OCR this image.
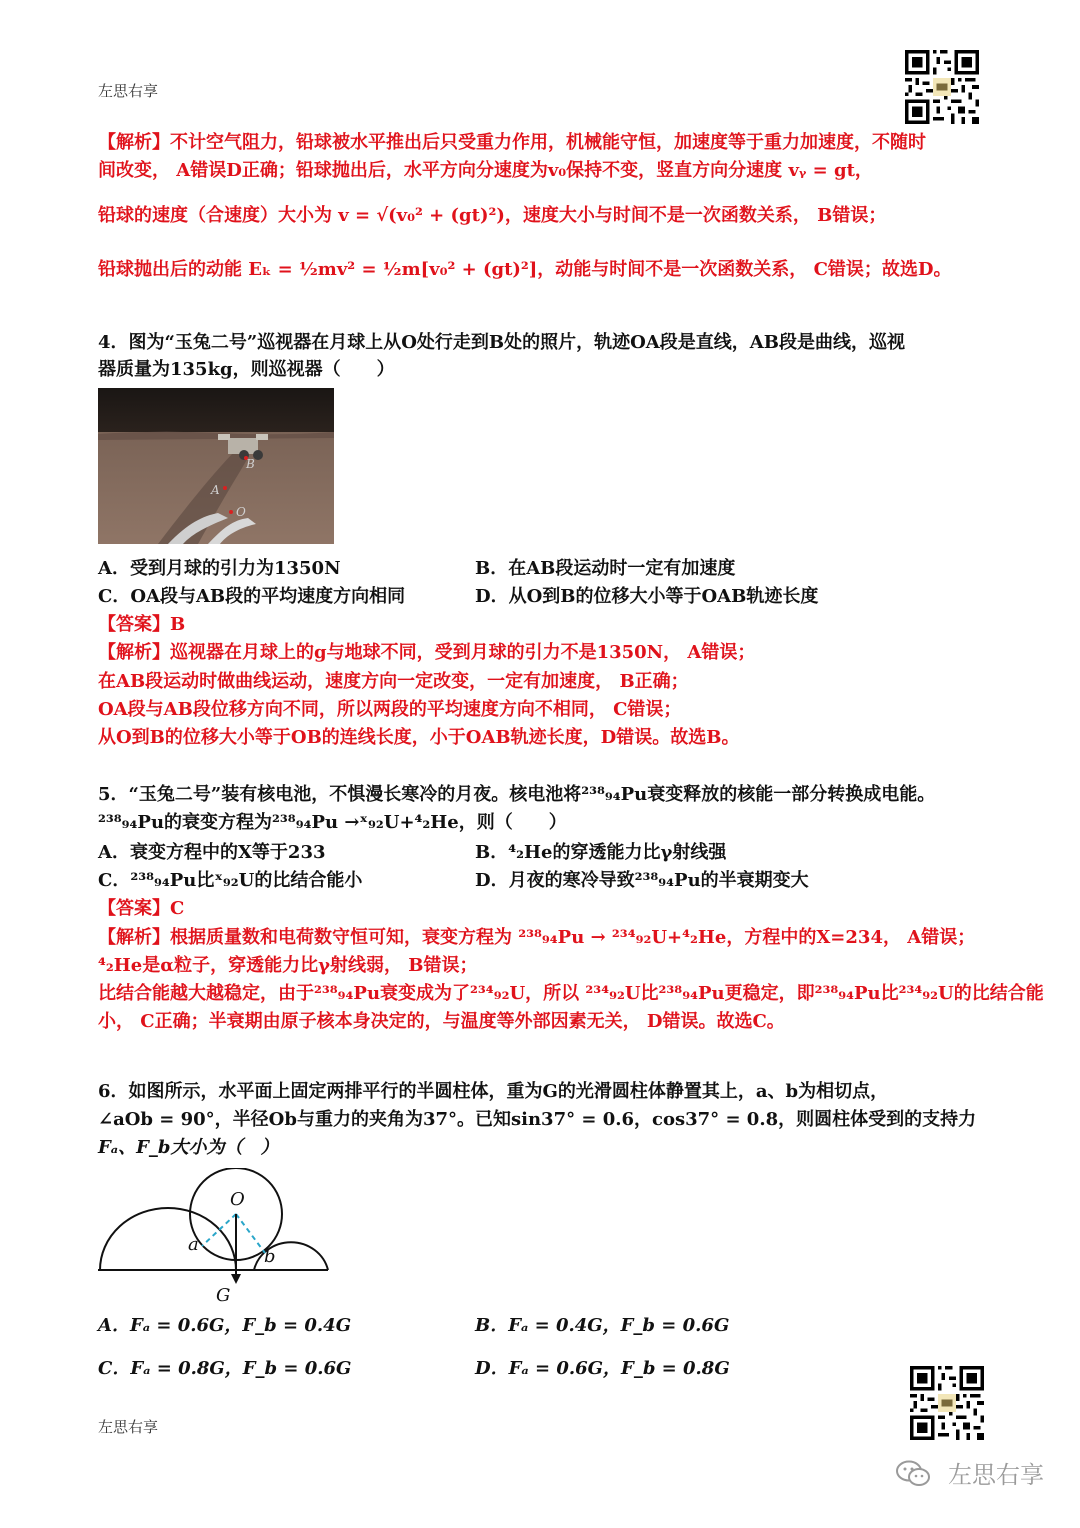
左思右享
【解析】不计空气阻力，铅球被水平推出后只受重力作用，机械能守恒，加速度等于重力加速度，不随时
间改变， A错误D正确；铅球抛出后，水平方向分速度为v₀保持不变，竖直方向分速度 vᵧ = gt，
铅球的速度（合速度）大小为 v = √(v₀² + (gt)²)，速度大小与时间不是一次函数关系， B错误；
铅球抛出后的动能 Eₖ = ½mv² = ½m[v₀² + (gt)²]，动能与时间不是一次函数关系， C错误；故选D。
4．图为“玉兔二号”巡视器在月球上从O处行走到B处的照片，轨迹OA段是直线，AB段是曲线，巡视
器质量为135kg，则巡视器（　　）
B
A
O
A．受到月球的引力为1350N	B．在AB段运动时一定有加速度
C．OA段与AB段的平均速度方向相同	D．从O到B的位移大小等于OAB轨迹长度
【答案】B
【解析】巡视器在月球上的g与地球不同，受到月球的引力不是1350N， A错误；
在AB段运动时做曲线运动，速度方向一定改变，一定有加速度， B正确；
OA段与AB段位移方向不同，所以两段的平均速度方向不相同， C错误；
从O到B的位移大小等于OB的连线长度，小于OAB轨迹长度，D错误。故选B。
5．“玉兔二号”装有核电池，不惧漫长寒冷的月夜。核电池将²³⁸₉₄Pu衰变释放的核能一部分转换成电能。
²³⁸₉₄Pu的衰变方程为²³⁸₉₄Pu →ˣ₉₂U+⁴₂He，则（　　）
A．衰变方程中的X等于233	B．⁴₂He的穿透能力比γ射线强
C．²³⁸₉₄Pu比ˣ₉₂U的比结合能小	D．月夜的寒冷导致²³⁸₉₄Pu的半衰期变大
【答案】C
【解析】根据质量数和电荷数守恒可知，衰变方程为 ²³⁸₉₄Pu → ²³⁴₉₂U+⁴₂He，方程中的X=234， A错误；
⁴₂He是α粒子，穿透能力比γ射线弱， B错误；
比结合能越大越稳定，由于²³⁸₉₄Pu衰变成为了²³⁴₉₂U，所以 ²³⁴₉₂U比²³⁸₉₄Pu更稳定，即²³⁸₉₄Pu比²³⁴₉₂U的比结合能
小， C正确；半衰期由原子核本身决定的，与温度等外部因素无关， D错误。故选C。
6．如图所示，水平面上固定两排平行的半圆柱体，重为G的光滑圆柱体静置其上，a、b为相切点，
∠aOb = 90°，半径Ob与重力的夹角为37°。已知sin37° = 0.6，cos37° = 0.8，则圆柱体受到的支持力
Fₐ、F_b大小为（　）
O
a
b
G
A．Fₐ = 0.6G，F_b = 0.4G	B．Fₐ = 0.4G，F_b = 0.6G
C．Fₐ = 0.8G，F_b = 0.6G	D．Fₐ = 0.6G，F_b = 0.8G
左思右享
左思右享
